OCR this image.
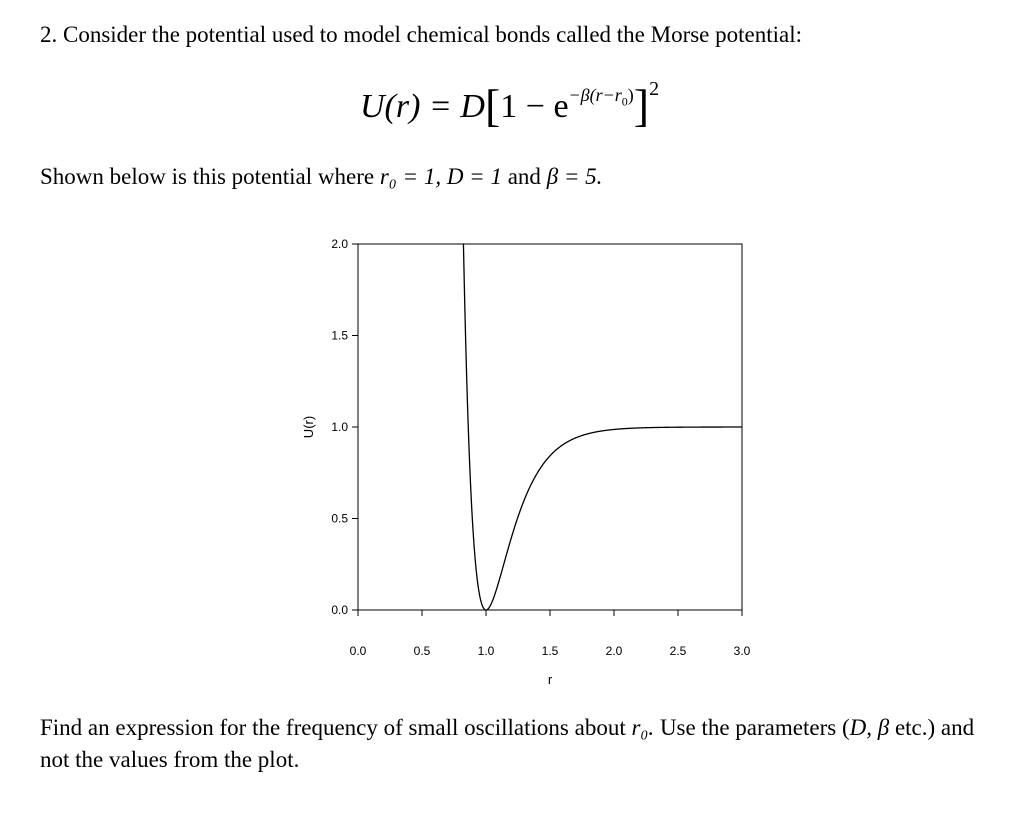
2. Consider the potential used to model chemical bonds called the Morse potential:
$U(r) = D[1 - e^{-\beta(r-r_0)}]^2$
Shown below is this potential where r₀ = 1, D = 1 and β = 5.
0.0	0.5	1.0	1.5	2.0	2.5	3.0
0.0
0.5
1.0
1.5
2.0
r
U(r)
Find an expression for the frequency of small oscillations about r₀. Use the parameters (D, β etc.) and not the values from the plot.
